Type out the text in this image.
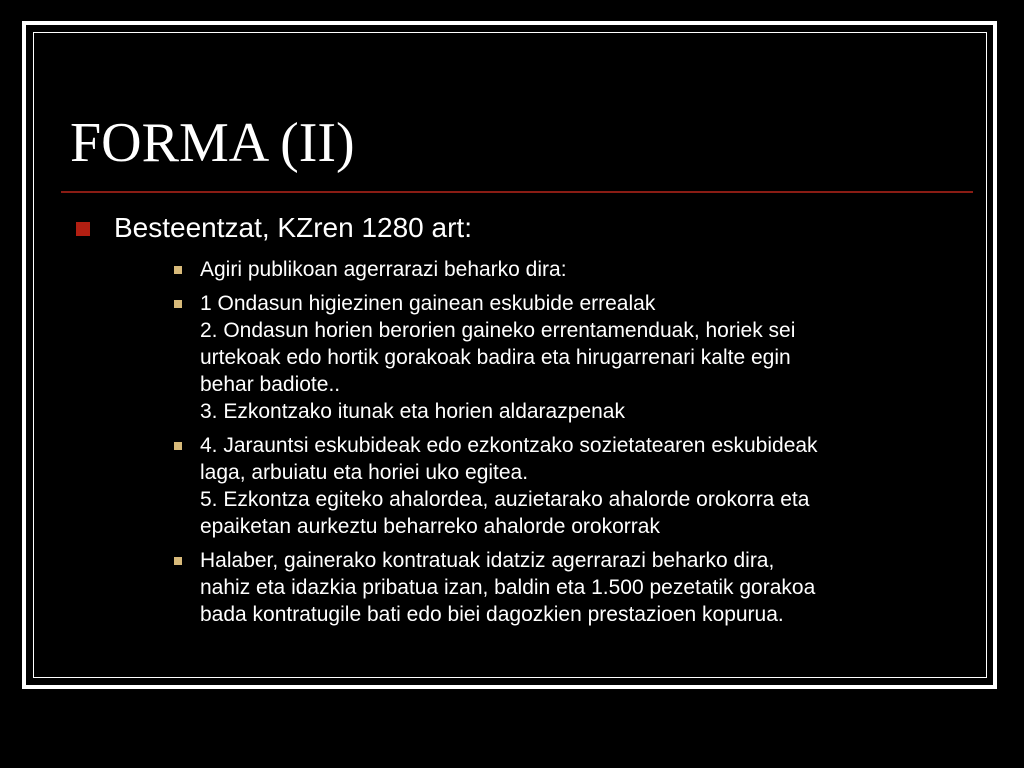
FORMA (II)
Besteentzat, KZren 1280 art:
Agiri publikoan agerrarazi beharko dira:
1 Ondasun higiezinen gainean eskubide errealak
2. Ondasun horien berorien gaineko errentamenduak, horiek sei
urtekoak edo hortik gorakoak badira eta hirugarrenari kalte egin
behar badiote..
3. Ezkontzako itunak eta horien aldarazpenak
4. Jarauntsi eskubideak edo ezkontzako sozietatearen eskubideak
laga, arbuiatu eta horiei uko egitea.
5. Ezkontza egiteko ahalordea, auzietarako ahalorde orokorra eta
epaiketan aurkeztu beharreko ahalorde orokorrak
Halaber, gainerako kontratuak idatziz agerrarazi beharko dira,
nahiz eta idazkia pribatua izan, baldin eta 1.500 pezetatik gorakoa
bada kontratugile bati edo biei dagozkien prestazioen kopurua.
